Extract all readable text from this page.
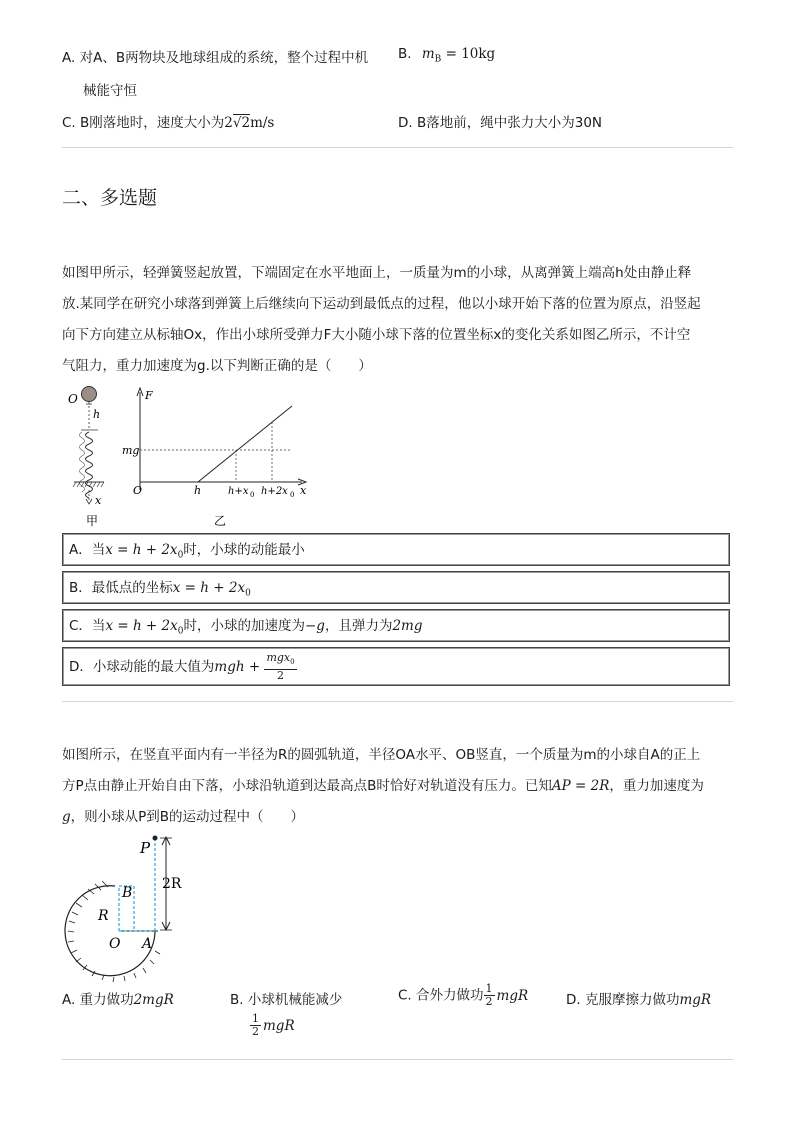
A. 对A、B两物块及地球组成的系统，整个过程中机
械能守恒
B. $m_B = 10kg$
C. B刚落地时，速度大小为2√2m/s	D. B落地前，绳中张力大小为30N
二、多选题
如图甲所示，轻弹簧竖起放置，下端固定在水平地面上，一质量为m的小球，从离弹簧上端高h处由静止释
放.某同学在研究小球落到弹簧上后继续向下运动到最低点的过程，他以小球开始下落的位置为原点，沿竖起
向下方向建立从标轴Ox，作出小球所受弹力F大小随小球下落的位置坐标x的变化关系如图乙所示，不计空
气阻力，重力加速度为g.以下判断正确的是（　　）
O
h
x
甲
F
mg
O	h	h+x 0 h+2x 0 x
乙
A．当$x = h + 2x_0$时，小球的动能最小
B．最低点的坐标$x = h + 2x_0$
C．当$x = h + 2x_0$时，小球的加速度为−g，且弹力为2mg
D．小球动能的最大值为mgh + $\frac{mgx_0}{2}$
如图所示，在竖直平面内有一半径为R的圆弧轨道，半径OA水平、OB竖直，一个质量为m的小球自A的正上
方P点由静止开始自由下落，小球沿轨道到达最高点B时恰好对轨道没有压力。已知AP = 2R，重力加速度为
g，则小球从P到B的运动过程中（　　）
P
B
R
O A
2R
A. 重力做功2mgR	B. 小球机械能减少
$\frac{1}{2}$ mgR
C. 合外力做功 $\frac{1}{2}$ mgR	D. 克服摩擦力做功mgR
